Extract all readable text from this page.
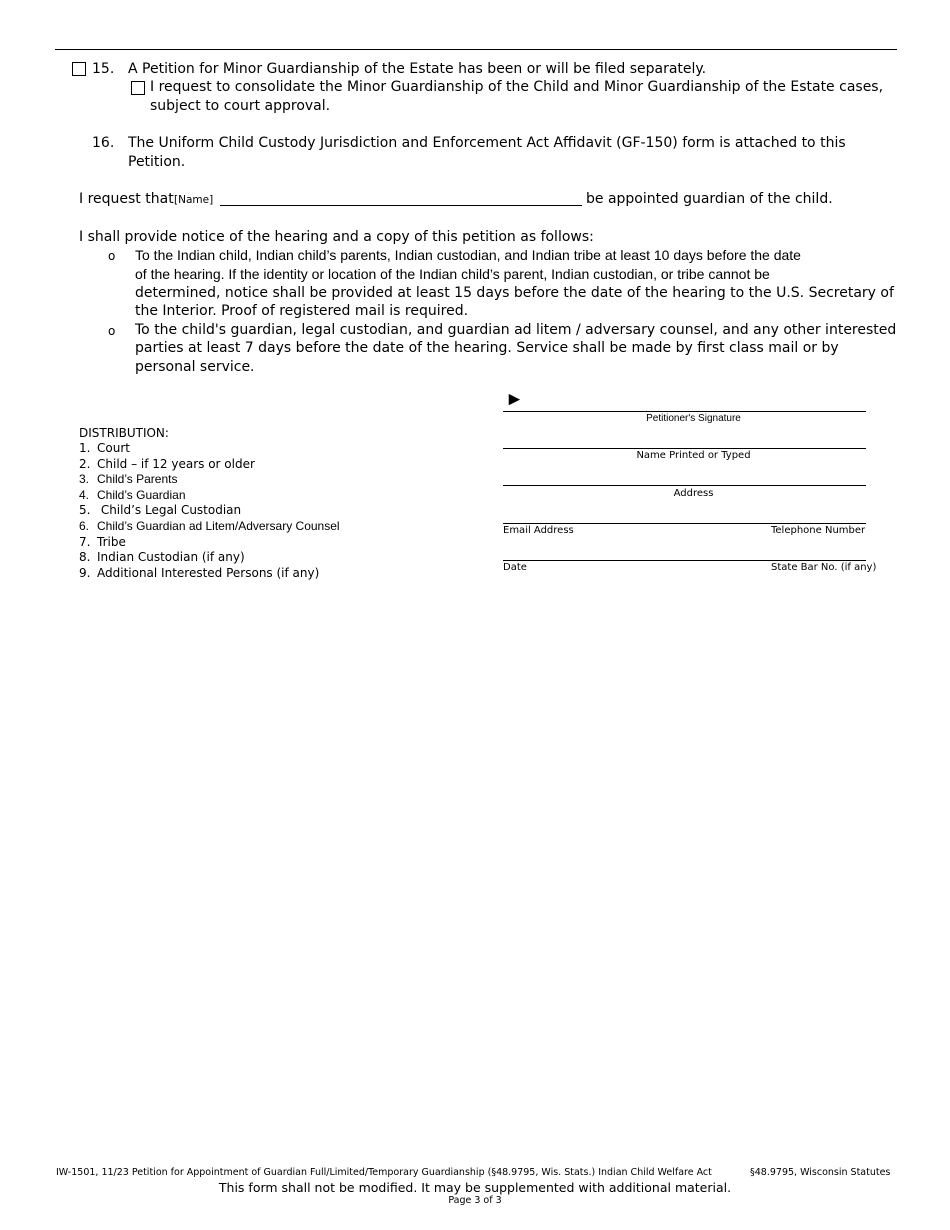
15. A Petition for Minor Guardianship of the Estate has been or will be filed separately.
I request to consolidate the Minor Guardianship of the Child and Minor Guardianship of the Estate cases,
subject to court approval.
16. The Uniform Child Custody Jurisdiction and Enforcement Act Affidavit (GF-150) form is attached to this
Petition.
I request that [Name]	be appointed guardian of the child.
I shall provide notice of the hearing and a copy of this petition as follows:
o To the Indian child, Indian child’s parents, Indian custodian, and Indian tribe at least 10 days before the date
of the hearing. If the identity or location of the Indian child’s parent, Indian custodian, or tribe cannot be
determined, notice shall be provided at least 15 days before the date of the hearing to the U.S. Secretary of
the Interior. Proof of registered mail is required.
o To the child's guardian, legal custodian, and guardian ad litem / adversary counsel, and any other interested
parties at least 7 days before the date of the hearing. Service shall be made by first class mail or by
personal service.
►
Petitioner's Signature
Name Printed or Typed
Address
Email Address	Telephone Number
Date	State Bar No. (if any)
DISTRIBUTION:
1. Court
2. Child – if 12 years or older
3. Child’s Parents
4. Child’s Guardian
5. Child’s Legal Custodian
6. Child’s Guardian ad Litem/Adversary Counsel
7. Tribe
8. Indian Custodian (if any)
9. Additional Interested Persons (if any)
IW-1501, 11/23 Petition for Appointment of Guardian Full/Limited/Temporary Guardianship (§48.9795, Wis. Stats.) Indian Child Welfare Act	§48.9795, Wisconsin Statutes
This form shall not be modified. It may be supplemented with additional material.
Page 3 of 3
